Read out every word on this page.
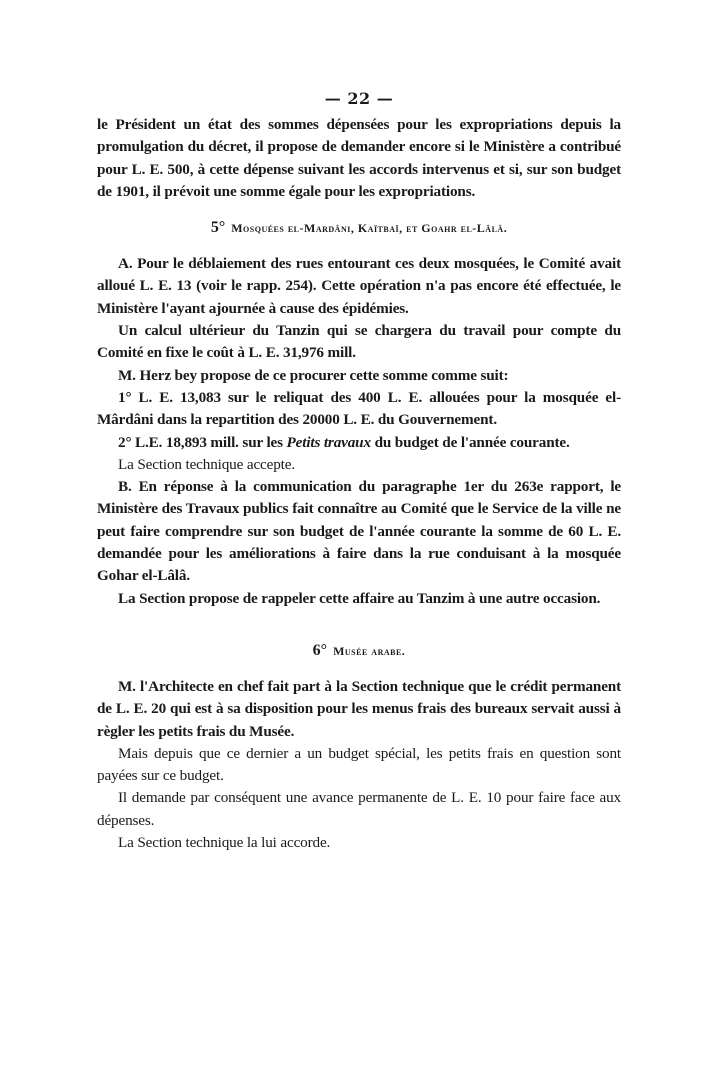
— 22 —

le Président un état des sommes dépensées pour les expropriations depuis la promulgation du décret, il propose de demander encore si le Ministère a contribué pour L. E. 500, à cette dépense suivant les accords intervenus et si, sur son budget de 1901, il prévoit une somme égale pour les expropriations.

5° Mosquées el-Mardâni, Kaïtbaï, et Goahr el-Lâlâ.

A. Pour le déblaiement des rues entourant ces deux mosquées, le Comité avait alloué L. E. 13 (voir le rapp. 254). Cette opération n'a pas encore été effectuée, le Ministère l'ayant ajournée à cause des épidémies.

Un calcul ultérieur du Tanzin qui se chargera du travail pour compte du Comité en fixe le coût à L. E. 31,976 mill.

M. Herz bey propose de ce procurer cette somme comme suit:

1° L. E. 13,083 sur le reliquat des 400 L. E. allouées pour la mosquée el-Mârdâni dans la repartition des 20000 L. E. du Gouvernement.

2° L.E. 18,893 mill. sur les Petits travaux du budget de l'année courante.

La Section technique accepte.

B. En réponse à la communication du paragraphe 1er du 263e rapport, le Ministère des Travaux publics fait connaître au Comité que le Service de la ville ne peut faire comprendre sur son budget de l'année courante la somme de 60 L. E. demandée pour les améliorations à faire dans la rue conduisant à la mosquée Gohar el-Lâlâ.

La Section propose de rappeler cette affaire au Tanzim à une autre occasion.

6° Musée arabe.

M. l'Architecte en chef fait part à la Section technique que le crédit permanent de L. E. 20 qui est à sa disposition pour les menus frais des bureaux servait aussi à règler les petits frais du Musée.

Mais depuis que ce dernier a un budget spécial, les petits frais en question sont payées sur ce budget.

Il demande par conséquent une avance permanente de L. E. 10 pour faire face aux dépenses.

La Section technique la lui accorde.
